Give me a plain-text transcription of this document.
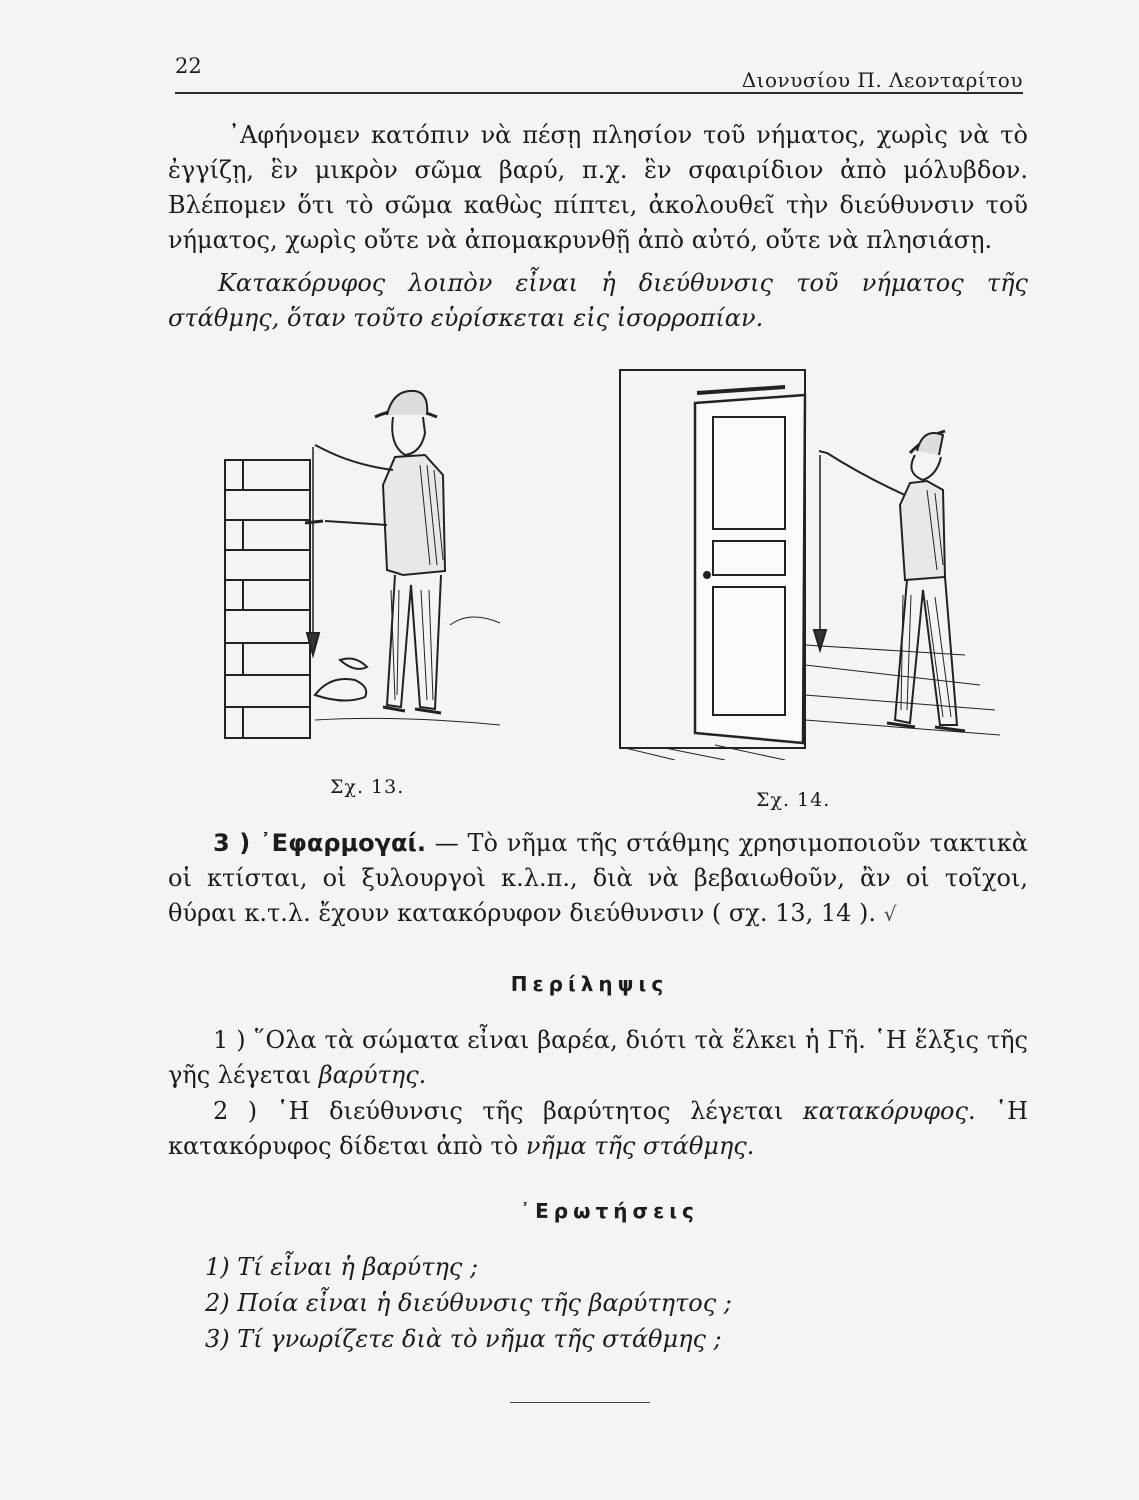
22
Διονυσίου Π. Λεονταρίτου
᾿Αφήνομεν κατόπιν νὰ πέσῃ πλησίον τοῦ νήματος, χωρὶς νὰ τὸ ἐγγίζῃ, ἓν μικρὸν σῶμα βαρύ, π.χ. ἓν σφαιρίδιον ἀπὸ μόλυβδον. Βλέπομεν ὅτι τὸ σῶμα καθὼς πίπτει, ἀκολουθεῖ τὴν διεύθυνσιν τοῦ νήματος, χωρὶς οὔτε νὰ ἀπομακρυνθῇ ἀπὸ αὐτό, οὔτε νὰ πλησιάσῃ.
Κατακόρυφος λοιπὸν εἶναι ἡ διεύθυνσις τοῦ νήματος τῆς στάθμης, ὅταν τοῦτο εὑρίσκεται εἰς ἰσορροπίαν.
Σχ. 13.
Σχ. 14.
3 ) ᾿Εφαρμογαί. — Τὸ νῆμα τῆς στάθμης χρησιμοποιοῦν τακτικὰ οἱ κτίσται, οἱ ξυλουργοὶ κ.λ.π., διὰ νὰ βεβαιωθοῦν, ἂν οἱ τοῖχοι, θύραι κ.τ.λ. ἔχουν κατακόρυφον διεύθυνσιν ( σχ. 13, 14 ). √
Περίληψις
1 ) ῞Ολα τὰ σώματα εἶναι βαρέα, διότι τὰ ἕλκει ἡ Γῆ. ῾Η ἕλξις τῆς γῆς λέγεται βαρύτης.
2 ) ῾Η διεύθυνσις τῆς βαρύτητος λέγεται κατακόρυφος. ῾Η κατακόρυφος δίδεται ἀπὸ τὸ νῆμα τῆς στάθμης.
᾿Ερωτήσεις
1) Τί εἶναι ἡ βαρύτης ;
2) Ποία εἶναι ἡ διεύθυνσις τῆς βαρύτητος ;
3) Τί γνωρίζετε διὰ τὸ νῆμα τῆς στάθμης ;
